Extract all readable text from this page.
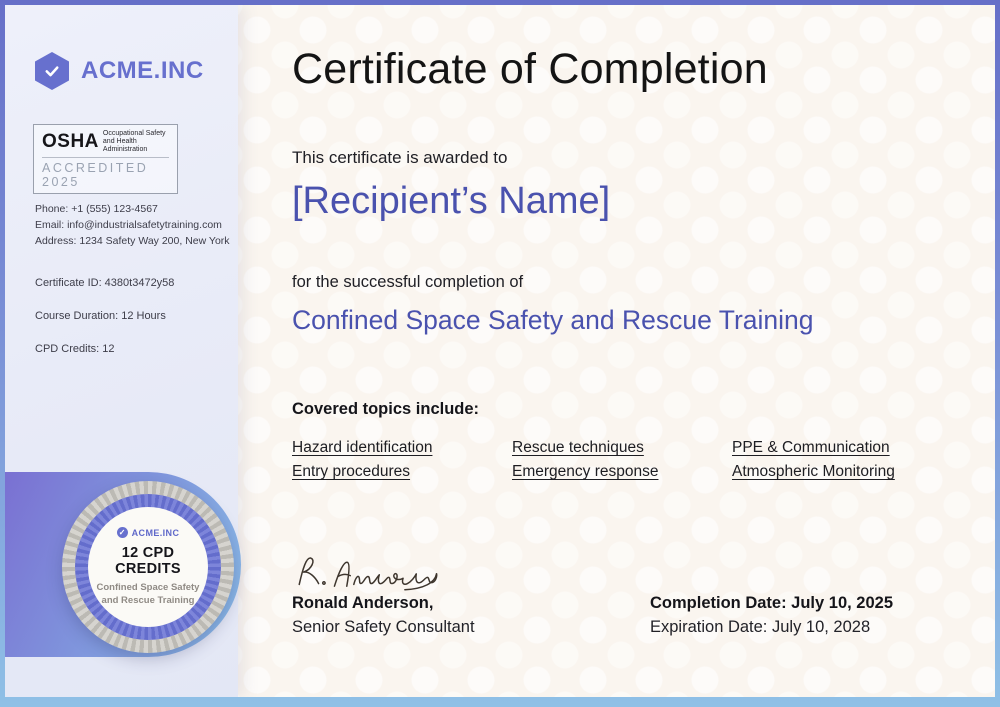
ACME.INC
OSHA Occupational Safety
and Health Administration
ACCREDITED 2025
Phone: +1 (555) 123-4567
Email: info@industrialsafetytraining.com
Address: 1234 Safety Way 200, New York
Certificate ID: 4380t3472y58
Course Duration: 12 Hours
CPD Credits: 12
✓ ACME.INC
12 CPD CREDITS
Confined Space Safety
and Rescue Training
Certificate of Completion
This certificate is awarded to
[Recipient’s Name]
for the successful completion of
Confined Space Safety and Rescue Training
Covered topics include:
Hazard identification
Entry procedures
Rescue techniques
Emergency response
PPE & Communication
Atmospheric Monitoring
Ronald Anderson,
Senior Safety Consultant
Completion Date: July 10, 2025
Expiration Date: July 10, 2028
